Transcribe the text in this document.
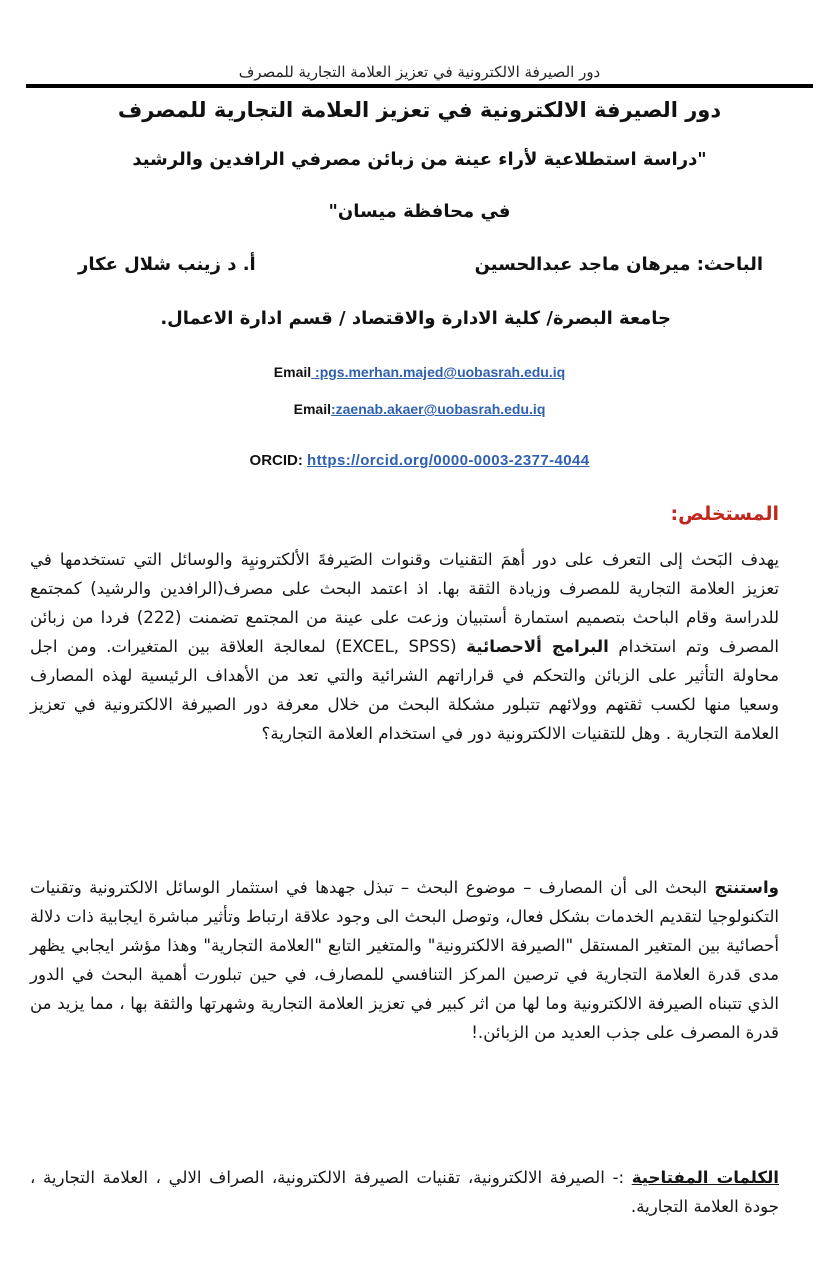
دور الصيرفة الالكترونية في تعزيز العلامة التجارية للمصرف
دور الصيرفة الالكترونية في تعزيز العلامة التجارية للمصرف
"دراسة استطلاعية لأراء عينة من زبائن مصرفي الرافدين والرشيد
في محافظة ميسان"
الباحث: ميرهان ماجد عبدالحسين
أ. د زينب شلال عكار
جامعة البصرة/ كلية الادارة والاقتصاد / قسم ادارة الاعمال.
Email :pgs.merhan.majed@uobasrah.edu.iq
Email:zaenab.akaer@uobasrah.edu.iq
ORCID: https://orcid.org/0000-0003-2377-4044
المستخلص:
يهدف البَحث إلى التعرف على دور أهمَ التقنيات وقنوات الصَيرفةَ الألكترونيِة والوسائل التي تستخدمها في تعزيز العلامة التجارية للمصرف وزيادة الثقة بها. اذ اعتمد البحث على مصرف(الرافدين والرشيد) كمجتمع للدراسة وقام الباحث بتصميم استمارة أستبيان وزعت على عينة من المجتمع تضمنت (222) فردا من زبائن المصرف وتم استخدام البرامج ألاحصائية (EXCEL, SPSS) لمعالجة العلاقة بين المتغيرات. ومن اجل محاولة التأثير على الزبائن والتحكم في قراراتهم الشرائية والتي تعد من الأهداف الرئيسية لهذه المصارف وسعيا منها لكسب ثقتهم وولائهم تتبلور مشكلة البحث من خلال معرفة دور الصيرفة الالكترونية في تعزيز العلامة التجارية . وهل للتقنيات الالكترونية دور في استخدام العلامة التجارية؟
واستنتج البحث الى أن المصارف – موضوع البحث – تبذل جهدها في استثمار الوسائل الالكترونية وتقنيات التكنولوجيا لتقديم الخدمات بشكل فعال، وتوصل البحث الى وجود علاقة ارتباط وتأثير مباشرة ايجابية ذات دلالة أحصائية بين المتغير المستقل "الصيرفة الالكترونية" والمتغير التابع "العلامة التجارية" وهذا مؤشر ايجابي يظهر مدى قدرة العلامة التجارية في ترصين المركز التنافسي للمصارف، في حين تبلورت أهمية البحث في الدور الذي تتبناه الصيرفة الالكترونية وما لها من اثر كبير في تعزيز العلامة التجارية وشهرتها والثقة بها ، مما يزيد من قدرة المصرف على جذب العديد من الزبائن.!
الكلمات المفتاحية :- الصيرفة الالكترونية، تقنيات الصيرفة الالكترونية، الصراف الالي ، العلامة التجارية ، جودة العلامة التجارية.
